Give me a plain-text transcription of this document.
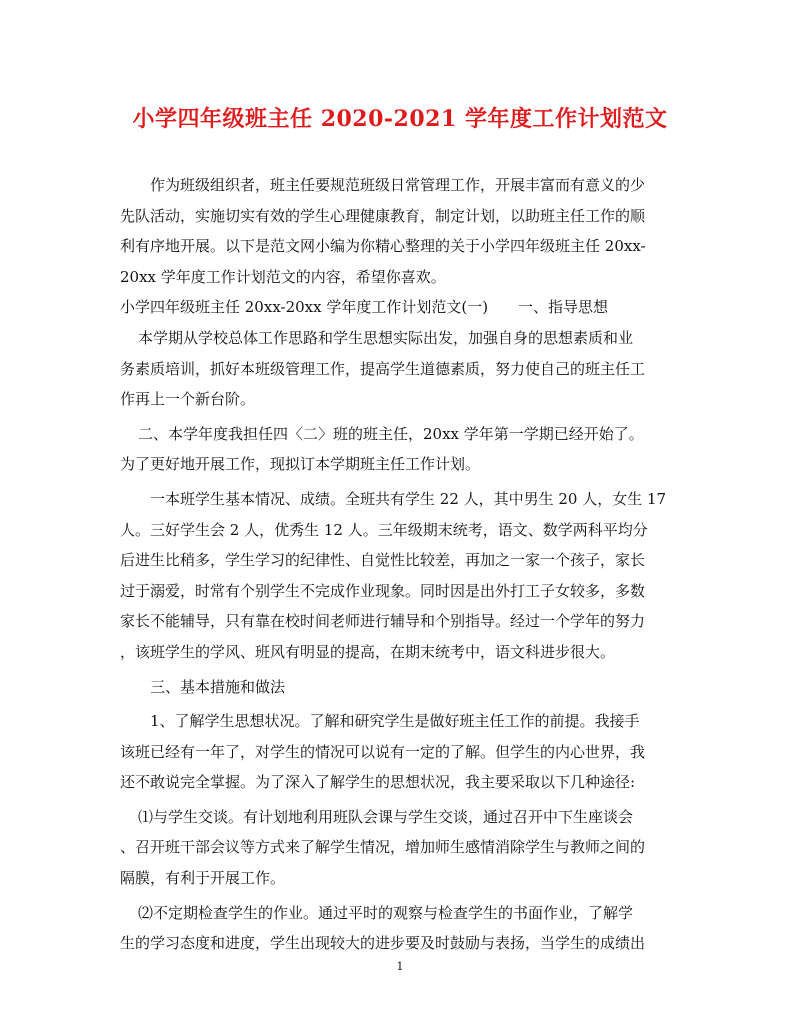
小学四年级班主任 2020-2021 学年度工作计划范文
作为班级组织者，班主任要规范班级日常管理工作，开展丰富而有意义的少
先队活动，实施切实有效的学生心理健康教育，制定计划，以助班主任工作的顺
利有序地开展。以下是范文网小编为你精心整理的关于小学四年级班主任 20xx-
20xx 学年度工作计划范文的内容，希望你喜欢。
小学四年级班主任 20xx-20xx 学年度工作计划范文(一)　　一、指导思想
本学期从学校总体工作思路和学生思想实际出发，加强自身的思想素质和业
务素质培训，抓好本班级管理工作，提高学生道德素质，努力使自己的班主任工
作再上一个新台阶。
二、本学年度我担任四〈二〉班的班主任，20xx 学年第一学期已经开始了。
为了更好地开展工作，现拟订本学期班主任工作计划。
一本班学生基本情况、成绩。全班共有学生 22 人，其中男生 20 人，女生 17
人。三好学生会 2 人，优秀生 12 人。三年级期末统考，语文、数学两科平均分
后进生比稍多，学生学习的纪律性、自觉性比较差，再加之一家一个孩子，家长
过于溺爱，时常有个别学生不完成作业现象。同时因是出外打工子女较多，多数
家长不能辅导，只有靠在校时间老师进行辅导和个别指导。经过一个学年的努力
，该班学生的学风、班风有明显的提高，在期末统考中，语文科进步很大。
三、基本措施和做法
1、了解学生思想状况。了解和研究学生是做好班主任工作的前提。我接手
该班已经有一年了，对学生的情况可以说有一定的了解。但学生的内心世界，我
还不敢说完全掌握。为了深入了解学生的思想状况，我主要采取以下几种途径:
⑴与学生交谈。有计划地利用班队会课与学生交谈，通过召开中下生座谈会
、召开班干部会议等方式来了解学生情况，增加师生感情消除学生与教师之间的
隔膜，有利于开展工作。
⑵不定期检查学生的作业。通过平时的观察与检查学生的书面作业，了解学
生的学习态度和进度，学生出现较大的进步要及时鼓励与表扬，当学生的成绩出
1
